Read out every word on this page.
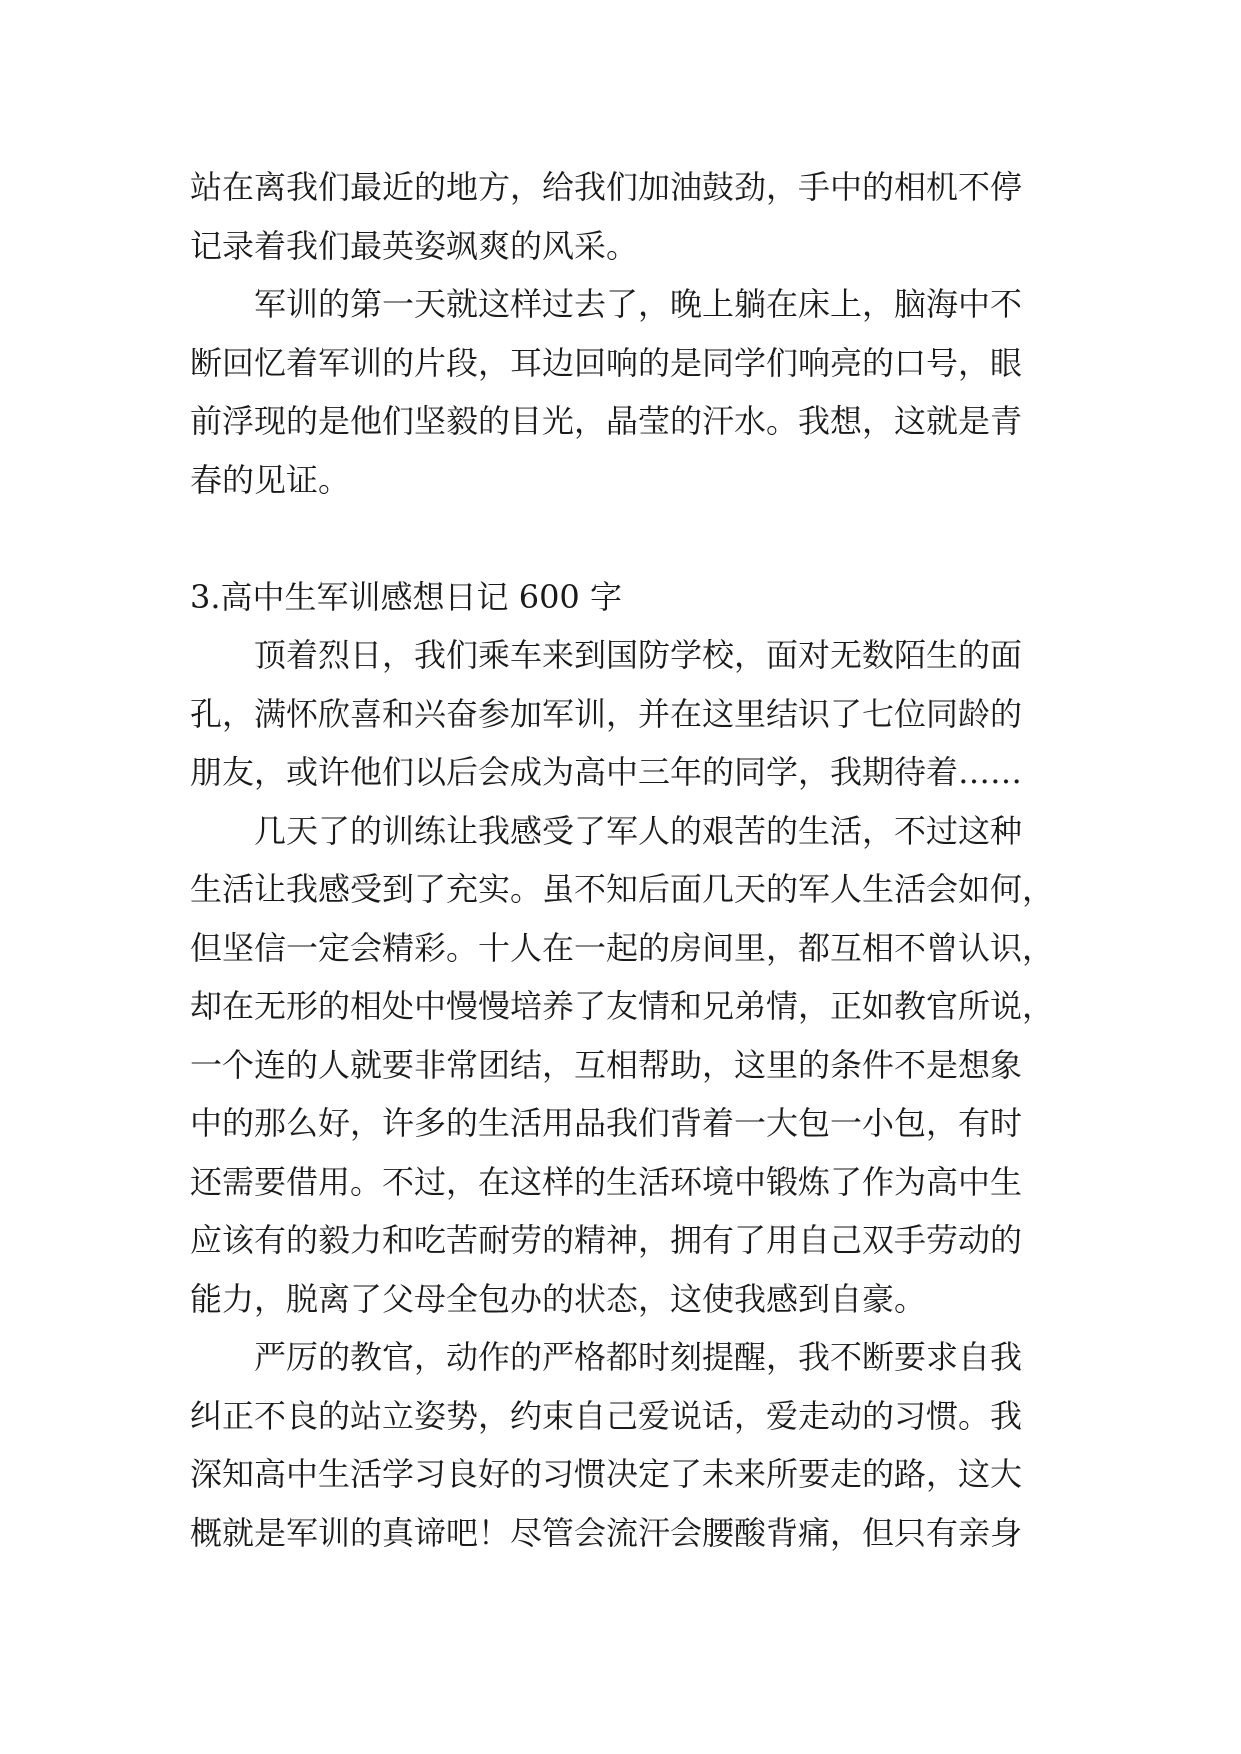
站在离我们最近的地方，给我们加油鼓劲，手中的相机不停
记录着我们最英姿飒爽的风采。
军训的第一天就这样过去了，晚上躺在床上，脑海中不
断回忆着军训的片段，耳边回响的是同学们响亮的口号，眼
前浮现的是他们坚毅的目光，晶莹的汗水。我想，这就是青
春的见证。
3.高中生军训感想日记 600 字
顶着烈日，我们乘车来到国防学校，面对无数陌生的面
孔，满怀欣喜和兴奋参加军训，并在这里结识了七位同龄的
朋友，或许他们以后会成为高中三年的同学，我期待着……
几天了的训练让我感受了军人的艰苦的生活，不过这种
生活让我感受到了充实。虽不知后面几天的军人生活会如何，
但坚信一定会精彩。十人在一起的房间里，都互相不曾认识，
却在无形的相处中慢慢培养了友情和兄弟情，正如教官所说，
一个连的人就要非常团结，互相帮助，这里的条件不是想象
中的那么好，许多的生活用品我们背着一大包一小包，有时
还需要借用。不过，在这样的生活环境中锻炼了作为高中生
应该有的毅力和吃苦耐劳的精神，拥有了用自己双手劳动的
能力，脱离了父母全包办的状态，这使我感到自豪。
严厉的教官，动作的严格都时刻提醒，我不断要求自我
纠正不良的站立姿势，约束自己爱说话，爱走动的习惯。我
深知高中生活学习良好的习惯决定了未来所要走的路，这大
概就是军训的真谛吧！尽管会流汗会腰酸背痛，但只有亲身
